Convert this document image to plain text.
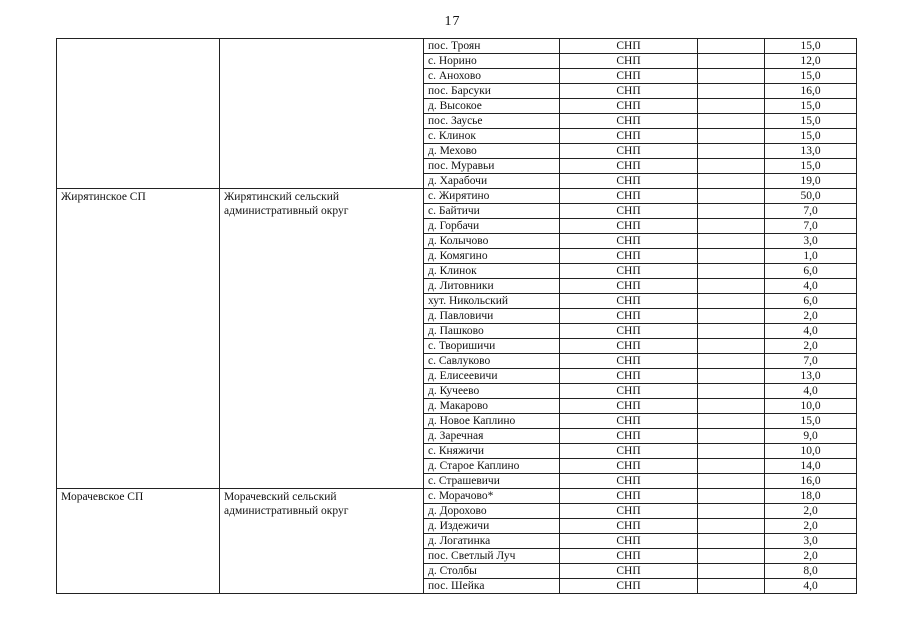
17
		пос. Троян	СНП		15,0
		с. Норино	СНП		12,0
		с. Анохово	СНП		15,0
		пос. Барсуки	СНП		16,0
		д. Высокое	СНП		15,0
		пос. Заусье	СНП		15,0
		с. Клинок	СНП		15,0
		д. Мехово	СНП		13,0
		пос. Муравьи	СНП		15,0
		д. Харабочи	СНП		19,0
Жирятинское СП	Жирятинский сельский административный округ	с. Жирятино	СНП		50,0
		с. Байтичи	СНП		7,0
		д. Горбачи	СНП		7,0
		д. Колычово	СНП		3,0
		д. Комягино	СНП		1,0
		д. Клинок	СНП		6,0
		д. Литовники	СНП		4,0
		хут. Никольский	СНП		6,0
		д. Павловичи	СНП		2,0
		д. Пашково	СНП		4,0
		с. Творишичи	СНП		2,0
		с. Савлуково	СНП		7,0
		д. Елисеевичи	СНП		13,0
		д. Кучеево	СНП		4,0
		д. Макарово	СНП		10,0
		д. Новое Каплино	СНП		15,0
		д. Заречная	СНП		9,0
		с. Княжичи	СНП		10,0
		д. Старое Каплино	СНП		14,0
		с. Страшевичи	СНП		16,0
Морачевское СП	Морачевский сельский административный округ	с. Морачово*	СНП		18,0
		д. Дорохово	СНП		2,0
		д. Издежичи	СНП		2,0
		д. Логатинка	СНП		3,0
		пос. Светлый Луч	СНП		2,0
		д. Столбы	СНП		8,0
		пос. Шейка	СНП		4,0
